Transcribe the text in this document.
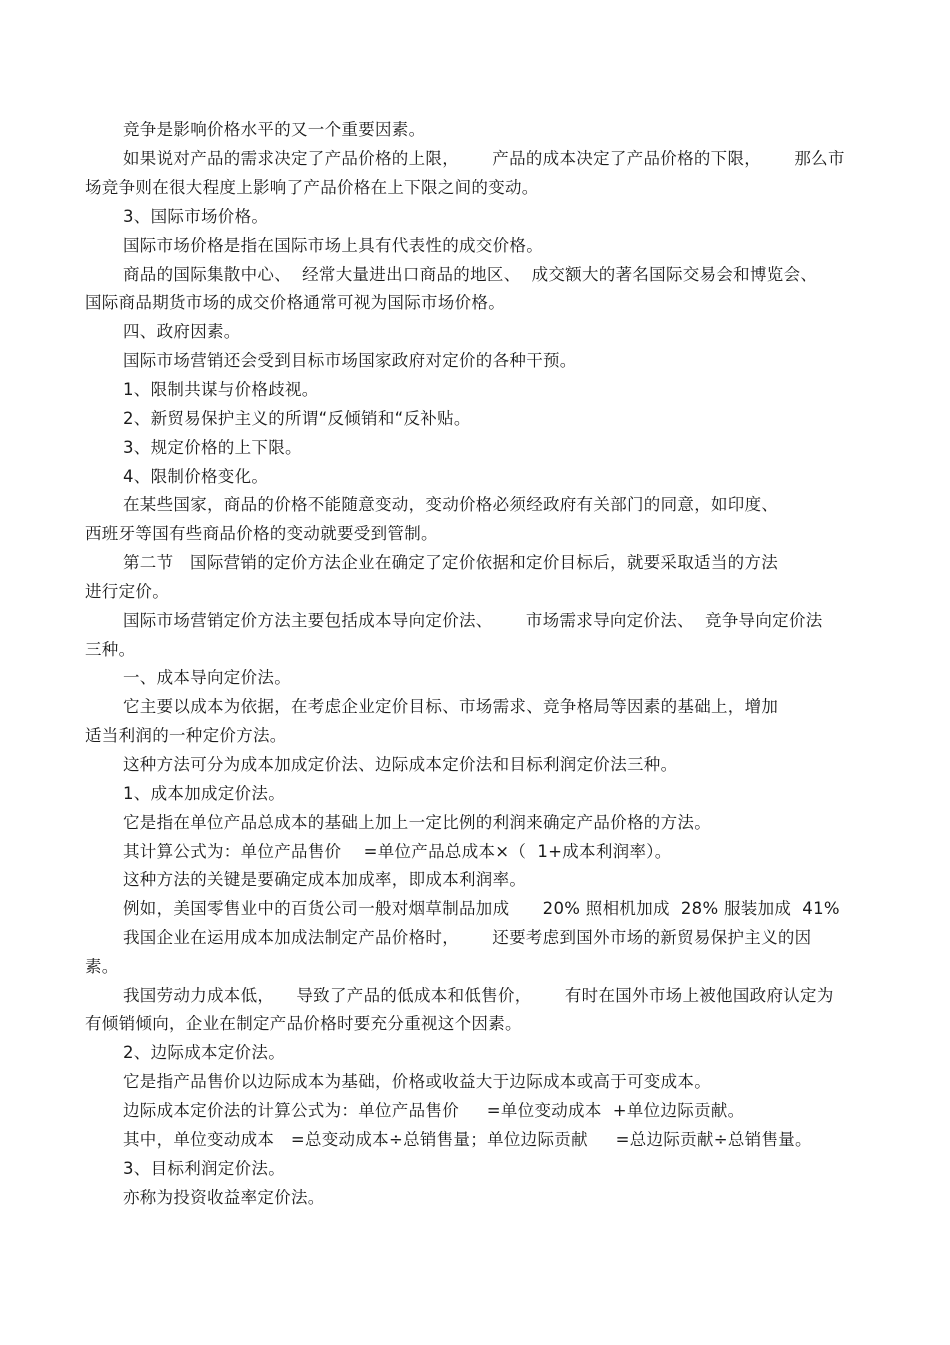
竞争是影响价格水平的又一个重要因素。
如果说对产品的需求决定了产品价格的上限，      产品的成本决定了产品价格的下限，      那么市
场竞争则在很大程度上影响了产品价格在上下限之间的变动。
3、国际市场价格。
国际市场价格是指在国际市场上具有代表性的成交价格。
商品的国际集散中心、  经常大量进出口商品的地区、  成交额大的著名国际交易会和博览会、
国际商品期货市场的成交价格通常可视为国际市场价格。
四、政府因素。
国际市场营销还会受到目标市场国家政府对定价的各种干预。
1、限制共谋与价格歧视。
2、新贸易保护主义的所谓“反倾销和“反补贴。
3、规定价格的上下限。
4、限制价格变化。
在某些国家，商品的价格不能随意变动，变动价格必须经政府有关部门的同意，如印度、
西班牙等国有些商品价格的变动就要受到管制。
第二节   国际营销的定价方法企业在确定了定价依据和定价目标后，就要采取适当的方法
进行定价。
国际市场营销定价方法主要包括成本导向定价法、      市场需求导向定价法、  竞争导向定价法
三种。
一、成本导向定价法。
它主要以成本为依据，在考虑企业定价目标、市场需求、竞争格局等因素的基础上，增加
适当利润的一种定价方法。
这种方法可分为成本加成定价法、边际成本定价法和目标利润定价法三种。
1、成本加成定价法。
它是指在单位产品总成本的基础上加上一定比例的利润来确定产品价格的方法。
其计算公式为：单位产品售价    =单位产品总成本×（  1+成本利润率）。
这种方法的关键是要确定成本加成率，即成本利润率。
例如，美国零售业中的百货公司一般对烟草制品加成      20% 照相机加成  28% 服装加成  41%
我国企业在运用成本加成法制定产品价格时，      还要考虑到国外市场的新贸易保护主义的因
素。
我国劳动力成本低，    导致了产品的低成本和低售价，      有时在国外市场上被他国政府认定为
有倾销倾向，企业在制定产品价格时要充分重视这个因素。
2、边际成本定价法。
它是指产品售价以边际成本为基础，价格或收益大于边际成本或高于可变成本。
边际成本定价法的计算公式为：单位产品售价     =单位变动成本  +单位边际贡献。
其中，单位变动成本   =总变动成本÷总销售量；单位边际贡献     =总边际贡献÷总销售量。
3、目标利润定价法。
亦称为投资收益率定价法。
